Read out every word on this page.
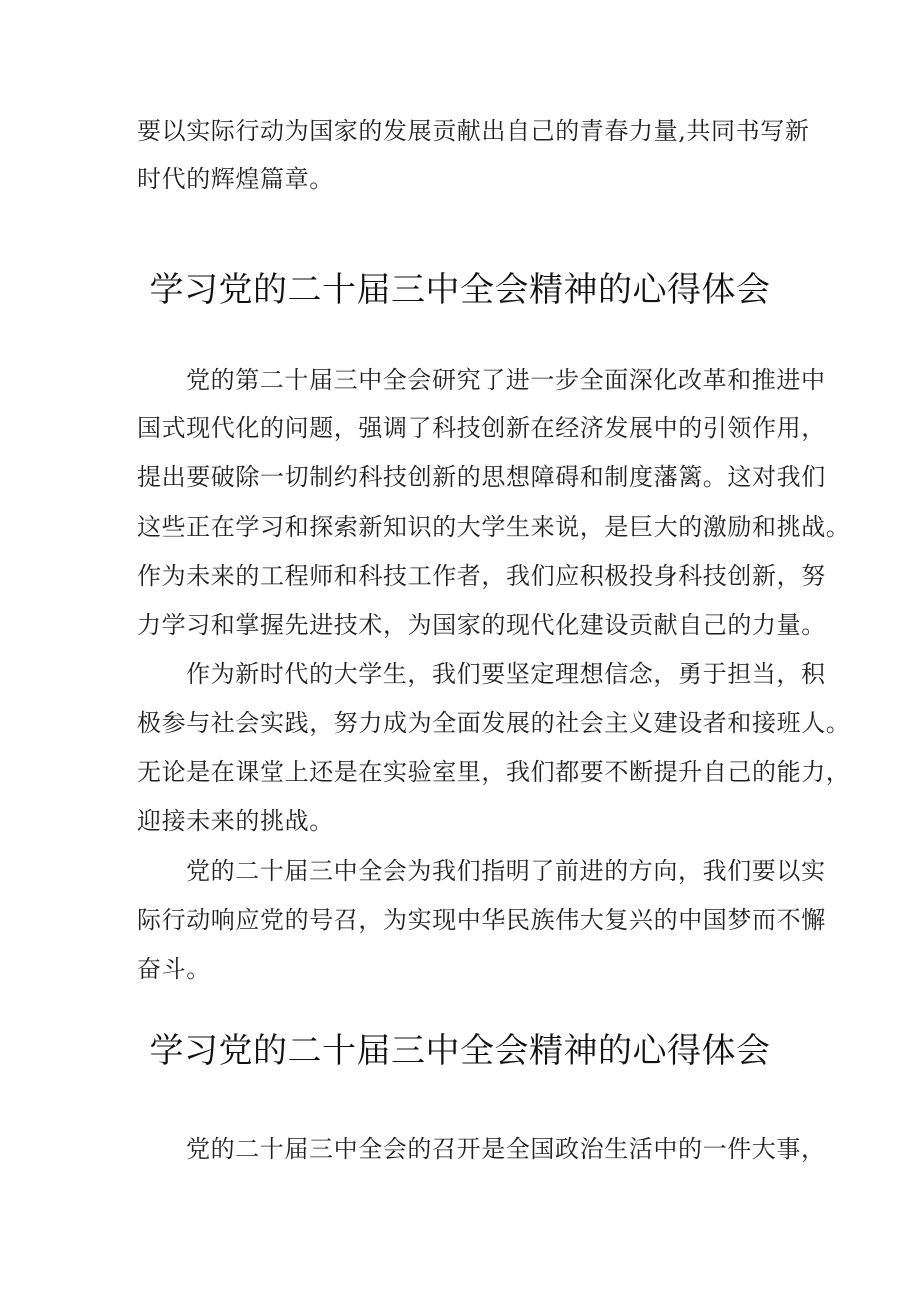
要以实际行动为国家的发展贡献出自己的青春力量,共同书写新
时代的辉煌篇章。
学习党的二十届三中全会精神的心得体会
党的第二十届三中全会研究了进一步全面深化改革和推进中
国式现代化的问题，强调了科技创新在经济发展中的引领作用，
提出要破除一切制约科技创新的思想障碍和制度藩篱。这对我们
这些正在学习和探索新知识的大学生来说，是巨大的激励和挑战。
作为未来的工程师和科技工作者，我们应积极投身科技创新，努
力学习和掌握先进技术，为国家的现代化建设贡献自己的力量。
作为新时代的大学生，我们要坚定理想信念，勇于担当，积
极参与社会实践，努力成为全面发展的社会主义建设者和接班人。
无论是在课堂上还是在实验室里，我们都要不断提升自己的能力，
迎接未来的挑战。
党的二十届三中全会为我们指明了前进的方向，我们要以实
际行动响应党的号召，为实现中华民族伟大复兴的中国梦而不懈
奋斗。
学习党的二十届三中全会精神的心得体会
党的二十届三中全会的召开是全国政治生活中的一件大事，
